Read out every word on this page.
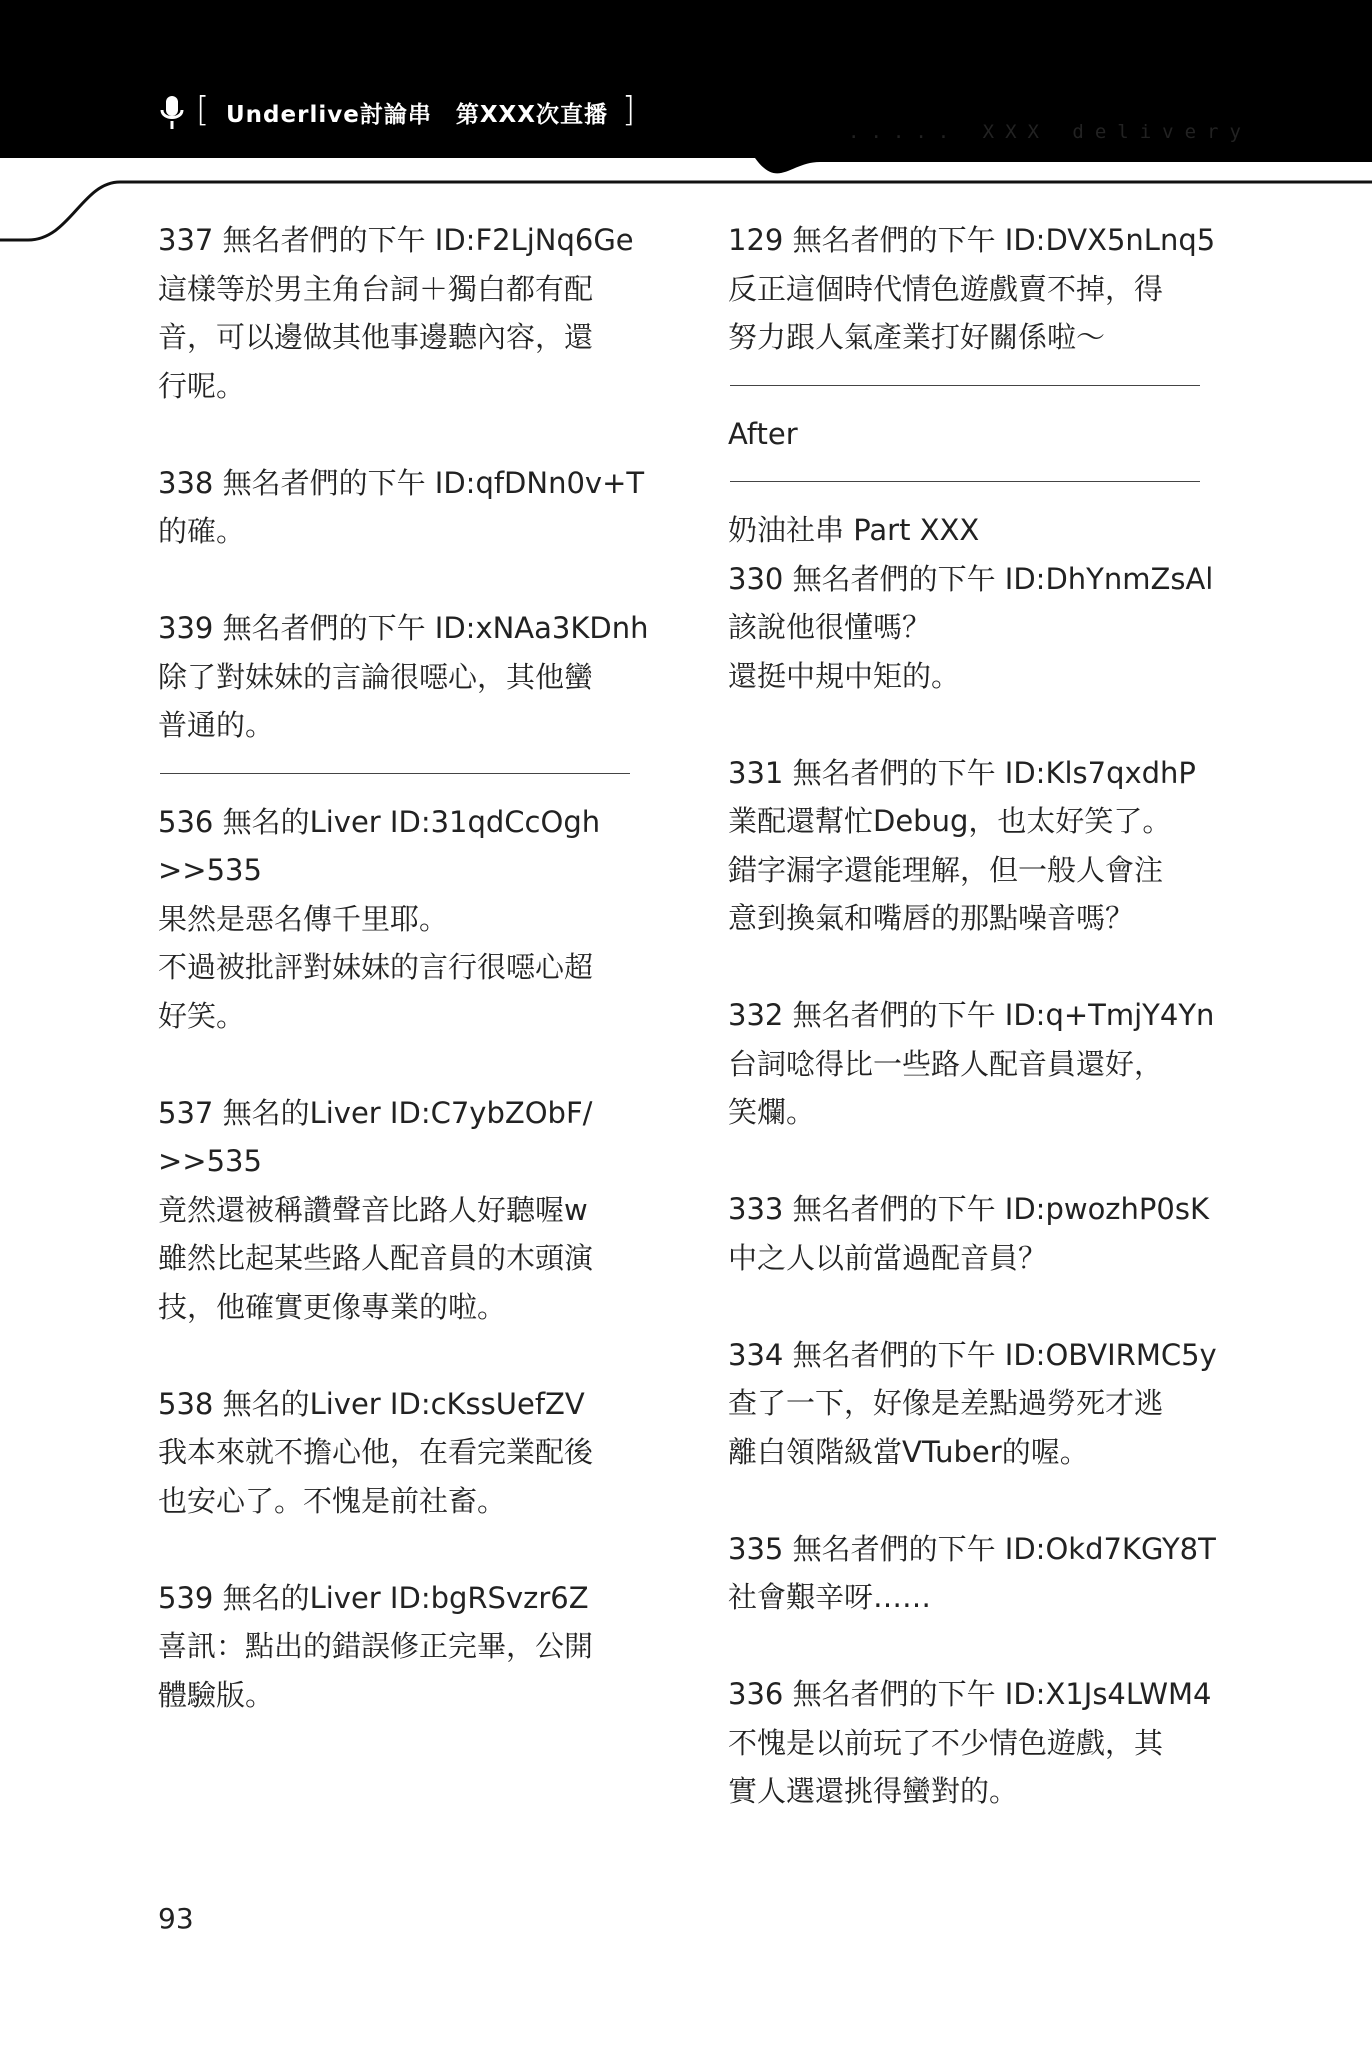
[ Underlive討論串　第XXX次直播 ]
..... XXX delivery
337 無名者們的下午 ID:F2LjNq6Ge
這樣等於男主角台詞＋獨白都有配
音，可以邊做其他事邊聽內容，還
行呢。
338 無名者們的下午 ID:qfDNn0v+T
的確。
339 無名者們的下午 ID:xNAa3KDnh
除了對妹妹的言論很噁心，其他蠻
普通的。
536 無名的Liver ID:31qdCcOgh
>>535
果然是惡名傳千里耶。
不過被批評對妹妹的言行很噁心超
好笑。
537 無名的Liver ID:C7ybZObF/
>>535
竟然還被稱讚聲音比路人好聽喔w
雖然比起某些路人配音員的木頭演
技，他確實更像專業的啦。
538 無名的Liver ID:cKssUefZV
我本來就不擔心他，在看完業配後
也安心了。不愧是前社畜。
539 無名的Liver ID:bgRSvzr6Z
喜訊：點出的錯誤修正完畢，公開
體驗版。
129 無名者們的下午 ID:DVX5nLnq5
反正這個時代情色遊戲賣不掉，得
努力跟人氣產業打好關係啦～
After
奶油社串 Part XXX
330 無名者們的下午 ID:DhYnmZsAl
該說他很懂嗎？
還挺中規中矩的。
331 無名者們的下午 ID:Kls7qxdhP
業配還幫忙Debug，也太好笑了。
錯字漏字還能理解，但一般人會注
意到換氣和嘴唇的那點噪音嗎？
332 無名者們的下午 ID:q+TmjY4Yn
台詞唸得比一些路人配音員還好，
笑爛。
333 無名者們的下午 ID:pwozhP0sK
中之人以前當過配音員？
334 無名者們的下午 ID:OBVIRMC5y
查了一下，好像是差點過勞死才逃
離白領階級當VTuber的喔。
335 無名者們的下午 ID:Okd7KGY8T
社會艱辛呀……
336 無名者們的下午 ID:X1Js4LWM4
不愧是以前玩了不少情色遊戲，其
實人選還挑得蠻對的。
93
